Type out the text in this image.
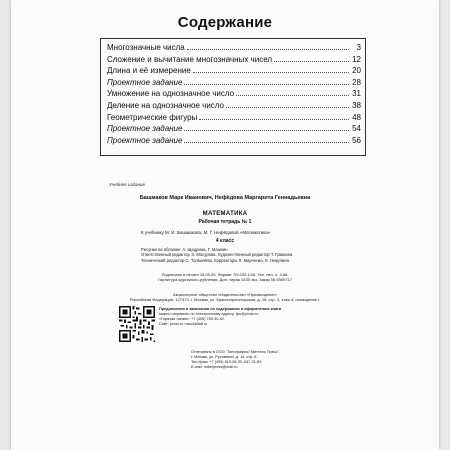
Содержание
Многозначные числа	3
Сложение и вычитание многозначных чисел	12
Длина и её измерение	20
Проектное задание	28
Умножение на однозначное число	31
Деление на однозначное число	38
Геометрические фигуры	48
Проектное задание	54
Проектное задание	56
Учебное издание
Башмаков Марк Иванович, Нефёдова Маргарита Геннадьевна
МАТЕМАТИКА
Рабочая тетрадь № 1
К учебнику М. И. Башмакова, М. Г. Нефёдовой «Математика»
4 класс
Рисунки на обложке: А. Щедрина, Г. Машкин
Ответственный редактор Э. Мосурова. Художественный редактор Т. Гришина
Технический редактор С. Толмачёва. Корректоры Л. Марченко, Е. Никулина
Подписано в печать 15.09.20. Формат 70×100 1/16. Усл. печ. л. 4,68.
Гарнитура журнально-рубленая. Доп. тираж 5100 экз. Заказ № 0969717
Акционерное общество «Издательство «Просвещение»
Российская Федерация, 127473, г. Москва, ул. Краснопролетарская, д. 16, стр. 3, этаж 4, помещение I.
Предложения и замечания по содержанию и оформлению книги
можно отправить по электронному адресу: fpu@prosv.ru
«Горячая линия»: +7 (495) 789-30-40.
Сайт: prosv.ru «экоАкбай.ru
Отпечатано в ООО "Типография "Миттель Пресс",
г. Москва, ул. Руставели, д. 14, стр. 6.
Тел./факс +7 (495) 619-08-30, 647-01-89.
E-mail: mittelpress@mail.ru
